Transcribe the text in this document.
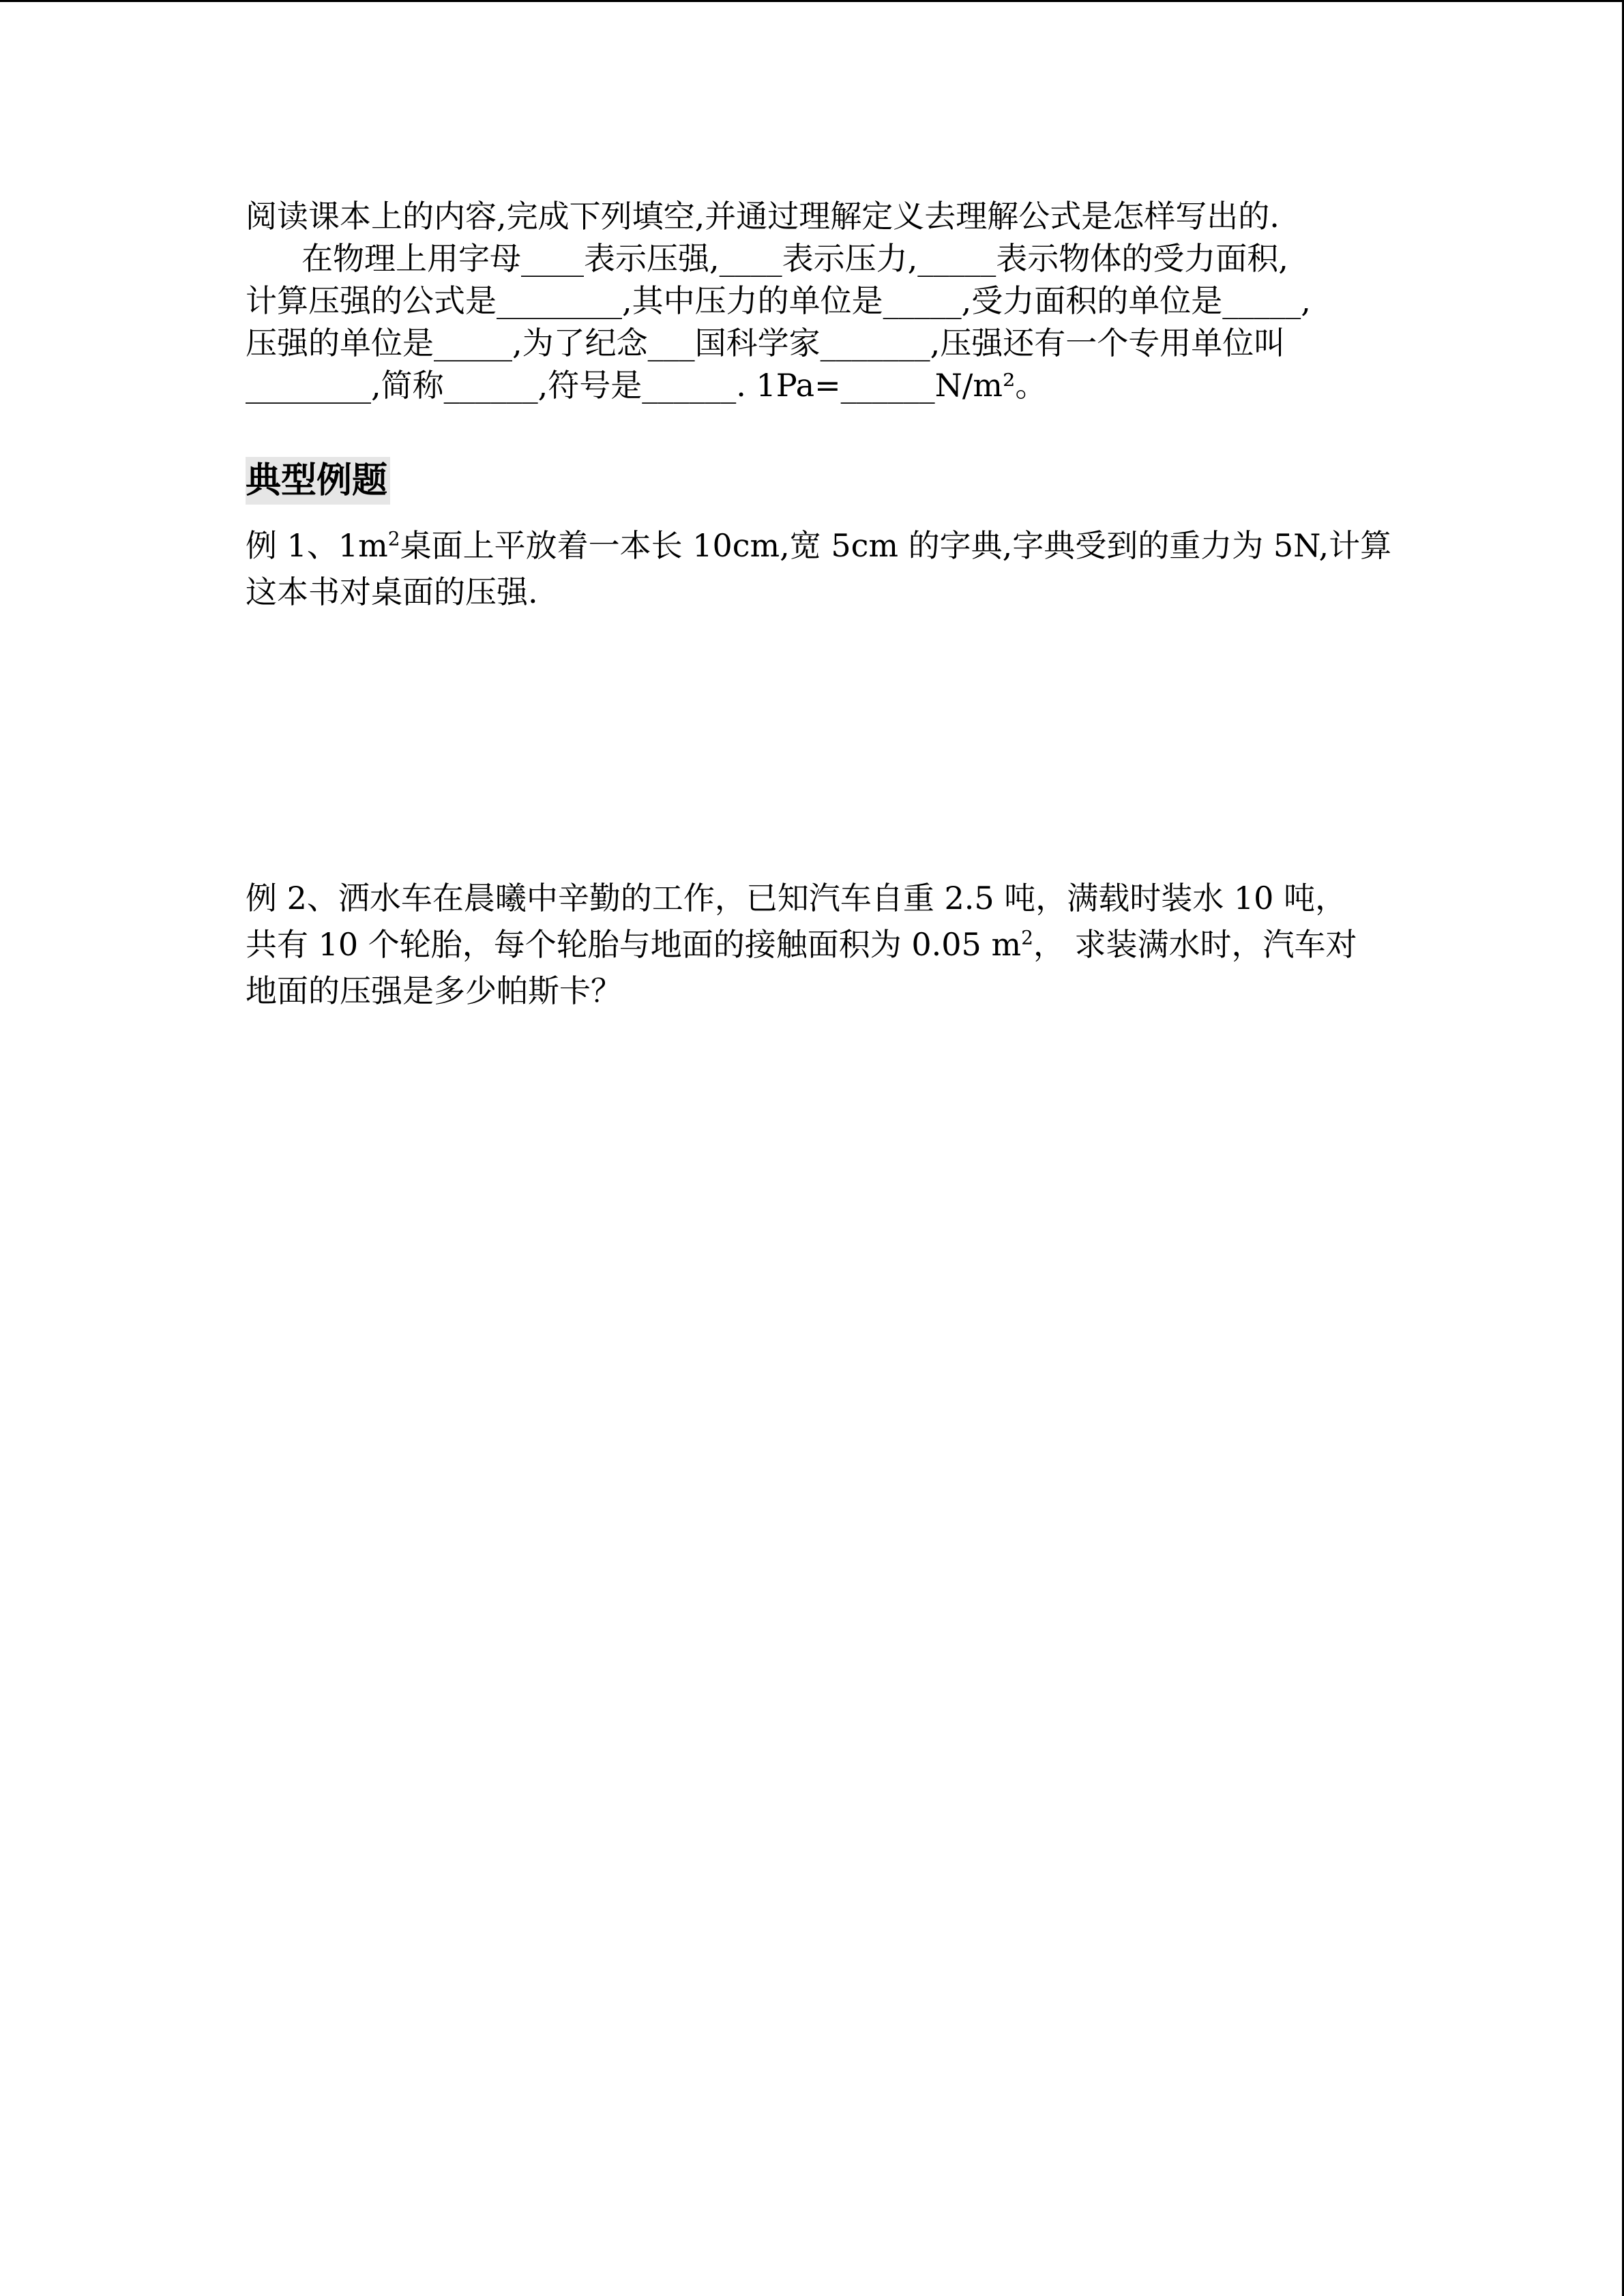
阅读课本上的内容,完成下列填空,并通过理解定义去理解公式是怎样写出的.

在物理上用字母____表示压强,____表示压力,_____表示物体的受力面积,

计算压强的公式是________,其中压力的单位是_____,受力面积的单位是_____,

压强的单位是_____,为了纪念___国科学家_______,压强还有一个专用单位叫

________,简称______,符号是______. 1Pa=______N/m²。

典型例题

例 1、$1m^2$桌面上平放着一本长 10cm,宽 5cm 的字典,字典受到的重力为 5N,计算

这本书对桌面的压强.

例 2、洒水车在晨曦中辛勤的工作，已知汽车自重 2.5 吨，满载时装水 10 吨，

共有 10 个轮胎，每个轮胎与地面的接触面积为 0.05 $m^2$， 求装满水时，汽车对

地面的压强是多少帕斯卡？
